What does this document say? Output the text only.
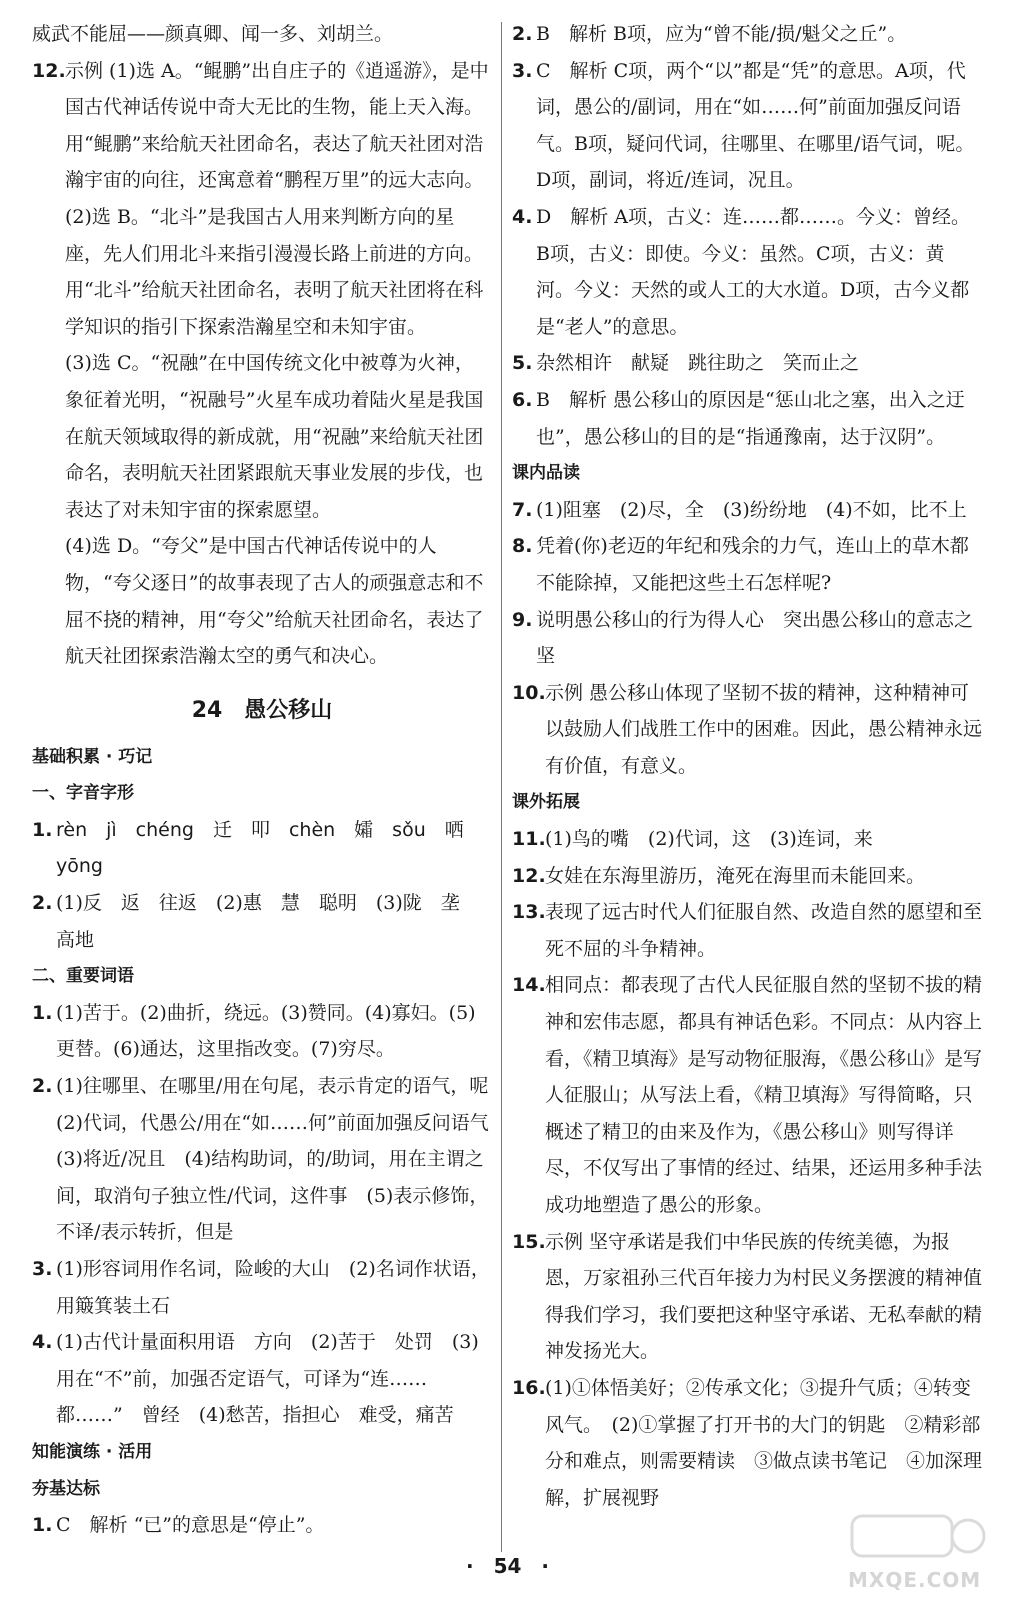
威武不能屈——颜真卿、闻一多、刘胡兰。

12. 示例 (1)选 A。“鲲鹏”出自庄子的《逍遥游》，是中国古代神话传说中奇大无比的生物，能上天入海。用“鲲鹏”来给航天社团命名，表达了航天社团对浩瀚宇宙的向往，还寓意着“鹏程万里”的远大志向。

(2)选 B。“北斗”是我国古人用来判断方向的星座，先人们用北斗来指引漫漫长路上前进的方向。用“北斗”给航天社团命名，表明了航天社团将在科学知识的指引下探索浩瀚星空和未知宇宙。

(3)选 C。“祝融”在中国传统文化中被尊为火神，象征着光明，“祝融号”火星车成功着陆火星是我国在航天领域取得的新成就，用“祝融”来给航天社团命名，表明航天社团紧跟航天事业发展的步伐，也表达了对未知宇宙的探索愿望。

(4)选 D。“夸父”是中国古代神话传说中的人物，“夸父逐日”的故事表现了古人的顽强意志和不屈不挠的精神，用“夸父”给航天社团命名，表达了航天社团探索浩瀚太空的勇气和决心。

24　愚公移山
基础积累 · 巧记
一、字音字形
1. rèn　jì　chéng　迁　叩　chèn　孀　sǒu　哂　yōng
2. (1)反　返　往返　(2)惠　慧　聪明　(3)陇　垄　高地
二、重要词语
1. (1)苦于。(2)曲折，绕远。(3)赞同。(4)寡妇。(5)更替。(6)通达，这里指改变。(7)穷尽。
2. (1)往哪里、在哪里/用在句尾，表示肯定的语气，呢　(2)代词，代愚公/用在“如……何”前面加强反问语气　(3)将近/况且　(4)结构助词，的/助词，用在主谓之间，取消句子独立性/代词，这件事　(5)表示修饰，不译/表示转折，但是
3. (1)形容词用作名词，险峻的大山　(2)名词作状语，用簸箕装土石
4. (1)古代计量面积用语　方向　(2)苦于　处罚　(3)用在“不”前，加强否定语气，可译为“连……都……”　曾经　(4)愁苦，指担心　难受，痛苦
知能演练 · 活用
夯基达标
1. C　解析 “已”的意思是“停止”。
2. B　解析 B项，应为“曾不能/损/魁父之丘”。
3. C　解析 C项，两个“以”都是“凭”的意思。A项，代词，愚公的/副词，用在“如……何”前面加强反问语气。B项，疑问代词，往哪里、在哪里/语气词，呢。D项，副词，将近/连词，况且。
4. D　解析 A项，古义：连……都……。今义：曾经。B项，古义：即使。今义：虽然。C项，古义：黄河。今义：天然的或人工的大水道。D项，古今义都是“老人”的意思。
5. 杂然相许　献疑　跳往助之　笑而止之
6. B　解析 愚公移山的原因是“惩山北之塞，出入之迂也”，愚公移山的目的是“指通豫南，达于汉阴”。
课内品读
7. (1)阻塞　(2)尽，全　(3)纷纷地　(4)不如，比不上
8. 凭着(你)老迈的年纪和残余的力气，连山上的草木都不能除掉，又能把这些土石怎样呢?
9. 说明愚公移山的行为得人心　突出愚公移山的意志之坚
10. 示例 愚公移山体现了坚韧不拔的精神，这种精神可以鼓励人们战胜工作中的困难。因此，愚公精神永远有价值，有意义。
课外拓展
11. (1)鸟的嘴　(2)代词，这　(3)连词，来
12. 女娃在东海里游历，淹死在海里而未能回来。
13. 表现了远古时代人们征服自然、改造自然的愿望和至死不屈的斗争精神。
14. 相同点：都表现了古代人民征服自然的坚韧不拔的精神和宏伟志愿，都具有神话色彩。不同点：从内容上看，《精卫填海》是写动物征服海，《愚公移山》是写人征服山；从写法上看，《精卫填海》写得简略，只概述了精卫的由来及作为，《愚公移山》则写得详尽，不仅写出了事情的经过、结果，还运用多种手法成功地塑造了愚公的形象。
15. 示例 坚守承诺是我们中华民族的传统美德，为报恩，万家祖孙三代百年接力为村民义务摆渡的精神值得我们学习，我们要把这种坚守承诺、无私奉献的精神发扬光大。
16. (1)①体悟美好；②传承文化；③提升气质；④转变风气。　(2)①掌握了打开书的大门的钥匙　②精彩部分和难点，则需要精读　③做点读书笔记　④加深理解，扩展视野
·　54　·
MXQE.COM
